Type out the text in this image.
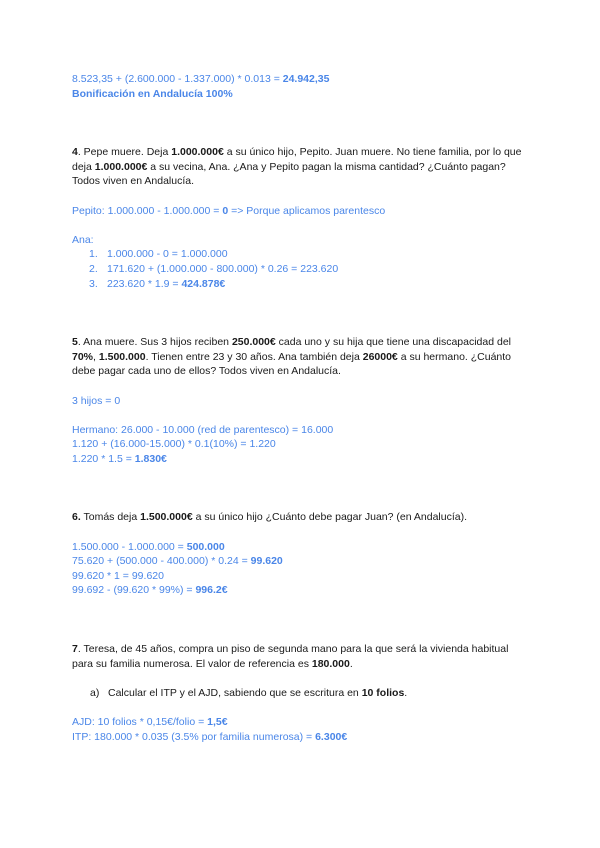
8.523,35 + (2.600.000 - 1.337.000) * 0.013 = 24.942,35

Bonificación en Andalucía 100%

4. Pepe muere. Deja 1.000.000€ a su único hijo, Pepito. Juan muere. No tiene familia, por lo que deja 1.000.000€ a su vecina, Ana. ¿Ana y Pepito pagan la misma cantidad? ¿Cuánto pagan? Todos viven en Andalucía.

Pepito: 1.000.000 - 1.000.000 = 0 => Porque aplicamos parentesco

Ana:

1. 1.000.000 - 0 = 1.000.000
2. 171.620 + (1.000.000 - 800.000) * 0.26 = 223.620
3. 223.620 * 1.9 = 424.878€

5. Ana muere. Sus 3 hijos reciben 250.000€ cada uno y su hija que tiene una discapacidad del 70%, 1.500.000. Tienen entre 23 y 30 años. Ana también deja 26000€ a su hermano. ¿Cuánto debe pagar cada uno de ellos? Todos viven en Andalucía.

3 hijos = 0

Hermano: 26.000 - 10.000 (red de parentesco) = 16.000

1.120 + (16.000-15.000) * 0.1(10%) = 1.220

1.220 * 1.5 = 1.830€

6. Tomás deja 1.500.000€ a su único hijo ¿Cuánto debe pagar Juan? (en Andalucía).

1.500.000 - 1.000.000 = 500.000

75.620 + (500.000 - 400.000) * 0.24 = 99.620

99.620 * 1 = 99.620

99.692 - (99.620 * 99%) = 996.2€

7. Teresa, de 45 años, compra un piso de segunda mano para la que será la vivienda habitual para su familia numerosa. El valor de referencia es 180.000.

a) Calcular el ITP y el AJD, sabiendo que se escritura en 10 folios.

AJD: 10 folios * 0,15€/folio = 1,5€

ITP: 180.000 * 0.035 (3.5% por familia numerosa) = 6.300€
